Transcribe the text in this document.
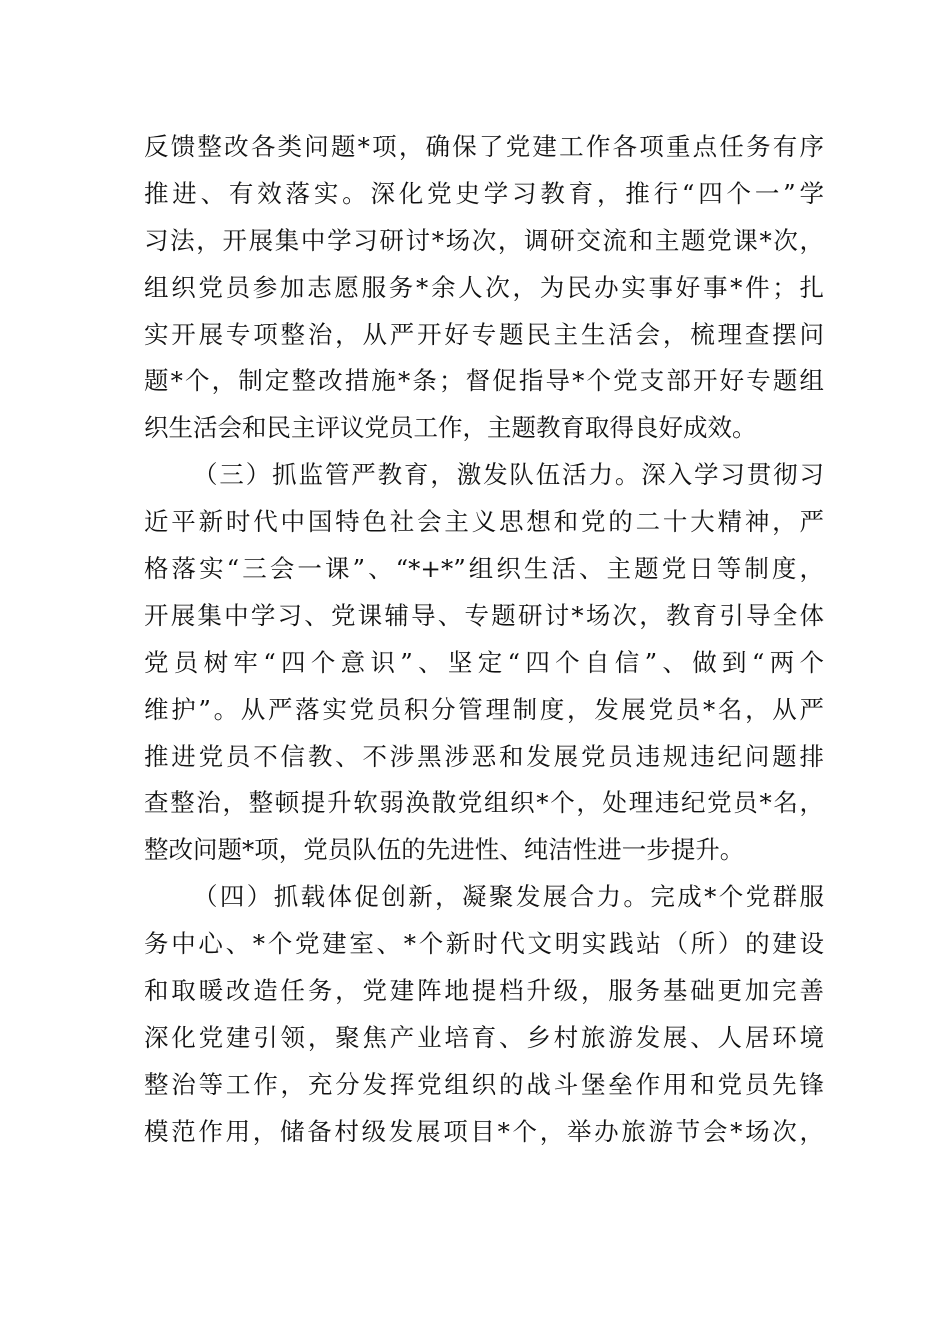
反馈整改各类问题*项，确保了党建工作各项重点任务有序
推进、有效落实。深化党史学习教育，推行“四个一”学
习法，开展集中学习研讨*场次，调研交流和主题党课*次，
组织党员参加志愿服务*余人次，为民办实事好事*件；扎
实开展专项整治，从严开好专题民主生活会，梳理查摆问
题*个，制定整改措施*条；督促指导*个党支部开好专题组
织生活会和民主评议党员工作，主题教育取得良好成效。
（三）抓监管严教育，激发队伍活力。深入学习贯彻习
近平新时代中国特色社会主义思想和党的二十大精神，严
格落实“三会一课”、“*+*”组织生活、主题党日等制度，
开展集中学习、党课辅导、专题研讨*场次，教育引导全体
党员树牢“四个意识”、坚定“四个自信”、做到“两个
维护”。从严落实党员积分管理制度，发展党员*名，从严
推进党员不信教、不涉黑涉恶和发展党员违规违纪问题排
查整治，整顿提升软弱涣散党组织*个，处理违纪党员*名，
整改问题*项，党员队伍的先进性、纯洁性进一步提升。
（四）抓载体促创新，凝聚发展合力。完成*个党群服
务中心、*个党建室、*个新时代文明实践站（所）的建设
和取暖改造任务，党建阵地提档升级，服务基础更加完善
深化党建引领，聚焦产业培育、乡村旅游发展、人居环境
整治等工作，充分发挥党组织的战斗堡垒作用和党员先锋
模范作用，储备村级发展项目*个，举办旅游节会*场次，
